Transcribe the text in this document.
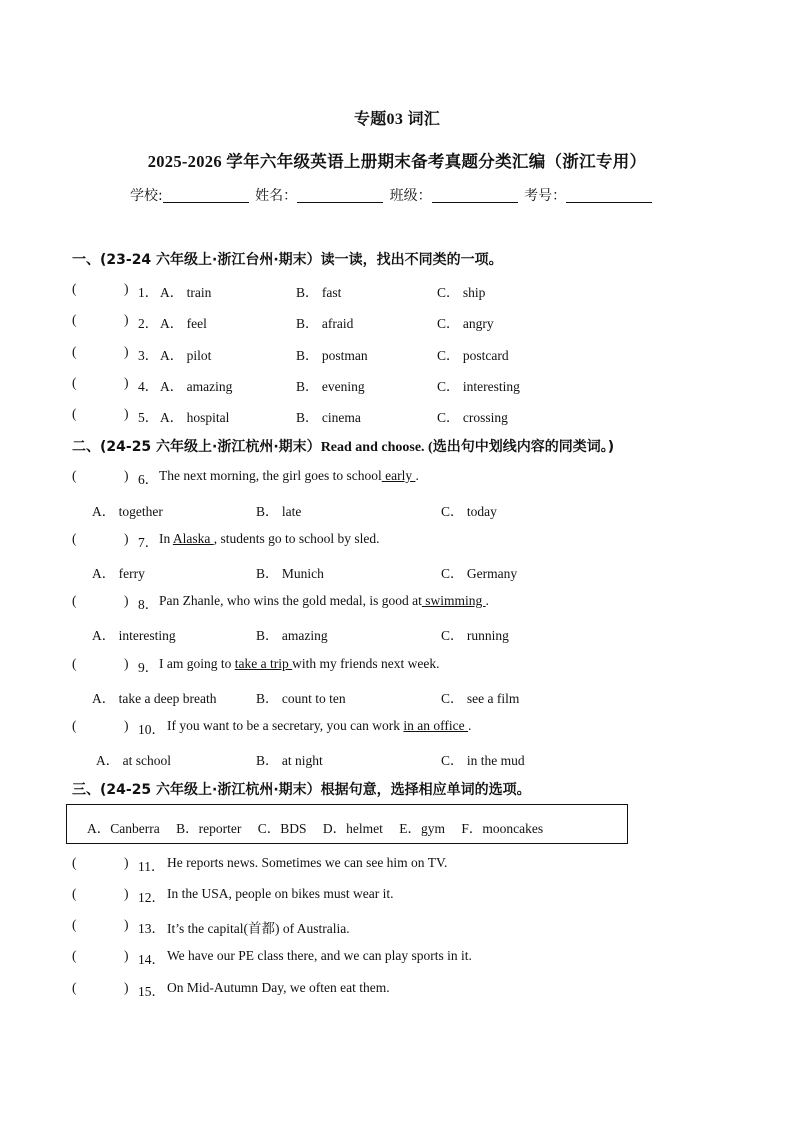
专题03 词汇
2025-2026 学年六年级英语上册期末备考真题分类汇编（浙江专用）
学校:	姓名：	班级：	考号：
一、(23-24 六年级上·浙江台州·期末）读一读，找出不同类的一项。
(	) 1． A． train	B． fast	C． ship
(	) 2． A． feel	B． afraid	C． angry
(	) 3． A． pilot	B． postman	C． postcard
(	) 4． A． amazing	B． evening	C． interesting
(	) 5． A． hospital	B． cinema	C． crossing
二、(24-25 六年级上·浙江杭州·期末）Read and choose. (选出句中划线内容的同类词。)
(	) 6． The next morning, the girl goes to school early .
A． together	B． late	C． today
(	) 7． In Alaska , students go to school by sled.
A． ferry	B． Munich	C． Germany
(	) 8． Pan Zhanle, who wins the gold medal, is good at swimming .
A． interesting	B． amazing	C． running
(	) 9． I am going to take a trip with my friends next week.
A． take a deep breath	B． count to ten	C． see a film
(	) 10． If you want to be a secretary, you can work in an office .
A． at school	B． at night	C． in the mud
三、(24-25 六年级上·浙江杭州·期末）根据句意，选择相应单词的选项。
A．Canberra B．reporter C．BDS D．helmet E．gym F．mooncakes
(	) 11． He reports news. Sometimes we can see him on TV.
(	) 12． In the USA, people on bikes must wear it.
(	) 13． It’s the capital(首都) of Australia.
(	) 14． We have our PE class there, and we can play sports in it.
(	) 15． On Mid-Autumn Day, we often eat them.
